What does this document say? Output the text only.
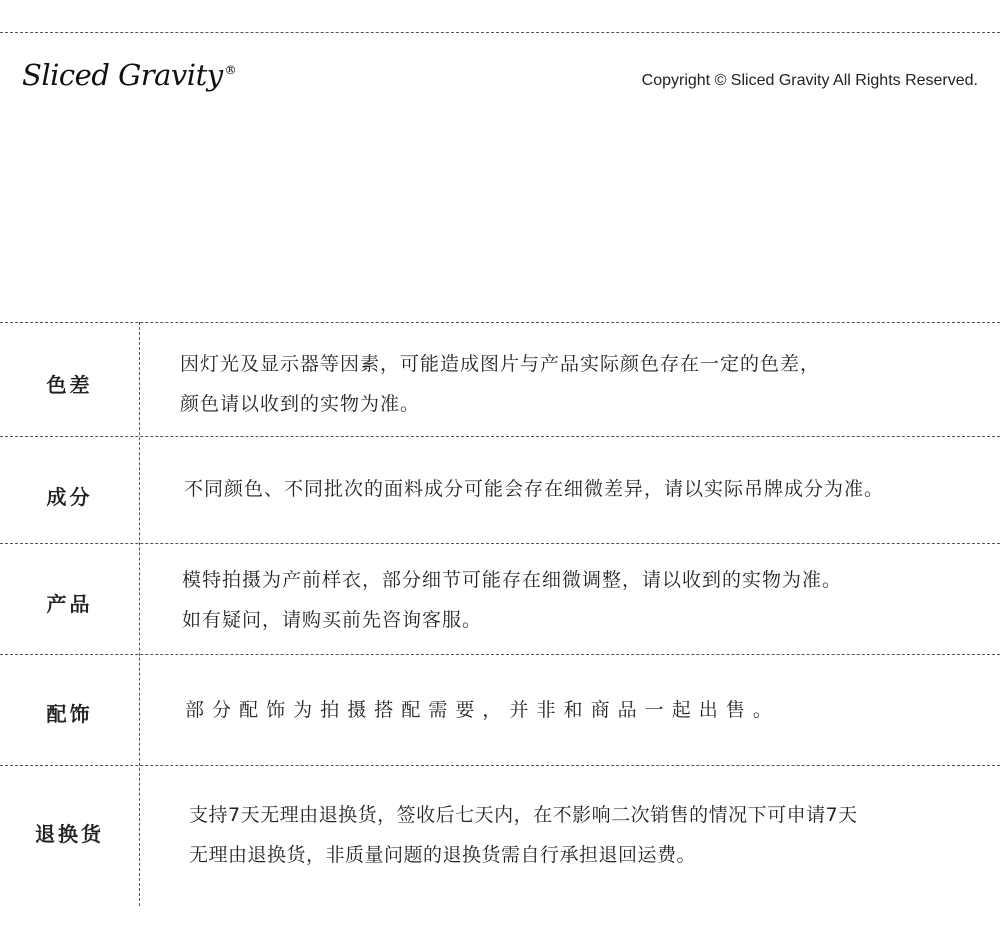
Sliced Gravity ®
Copyright © Sliced Gravity All Rights Reserved.
色差
因灯光及显示器等因素，可能造成图片与产品实际颜色存在一定的色差，
颜色请以收到的实物为准。
成分	不同颜色、不同批次的面料成分可能会存在细微差异，请以实际吊牌成分为准。
产品
模特拍摄为产前样衣，部分细节可能存在细微调整，请以收到的实物为准。
如有疑问，请购买前先咨询客服。
配饰	部 分 配 饰 为 拍 摄 搭 配 需 要 ， 并 非 和 商 品 一 起 出 售 。
退换货
支持7天无理由退换货，签收后七天内，在不影响二次销售的情况下可申请7天
无理由退换货，非质量问题的退换货需自行承担退回运费。
